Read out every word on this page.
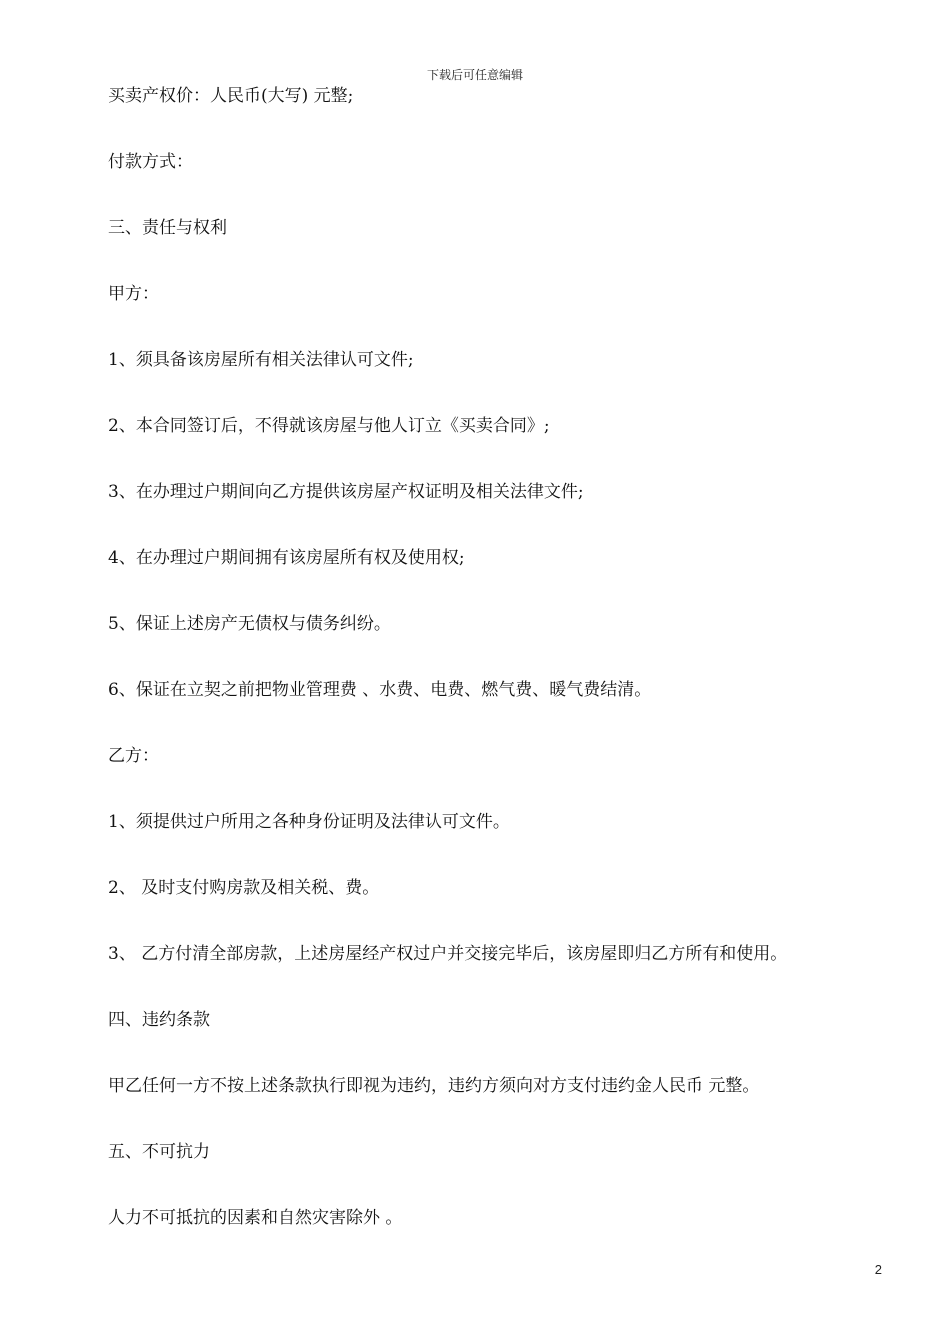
下载后可任意编辑
买卖产权价：人民币(大写) 元整;
付款方式：
三、责任与权利
甲方：
1、须具备该房屋所有相关法律认可文件;
2、本合同签订后，不得就该房屋与他人订立《买卖合同》;
3、在办理过户期间向乙方提供该房屋产权证明及相关法律文件;
4、在办理过户期间拥有该房屋所有权及使用权;
5、保证上述房产无债权与债务纠纷。
6、保证在立契之前把物业管理费 、水费、电费、燃气费、暖气费结清。
乙方：
1、须提供过户所用之各种身份证明及法律认可文件。
2、 及时支付购房款及相关税、费。
3、 乙方付清全部房款，上述房屋经产权过户并交接完毕后，该房屋即归乙方所有和使用。
四、违约条款
甲乙任何一方不按上述条款执行即视为违约，违约方须向对方支付违约金人民币 元整。
五、不可抗力
人力不可抵抗的因素和自然灾害除外 。
2
